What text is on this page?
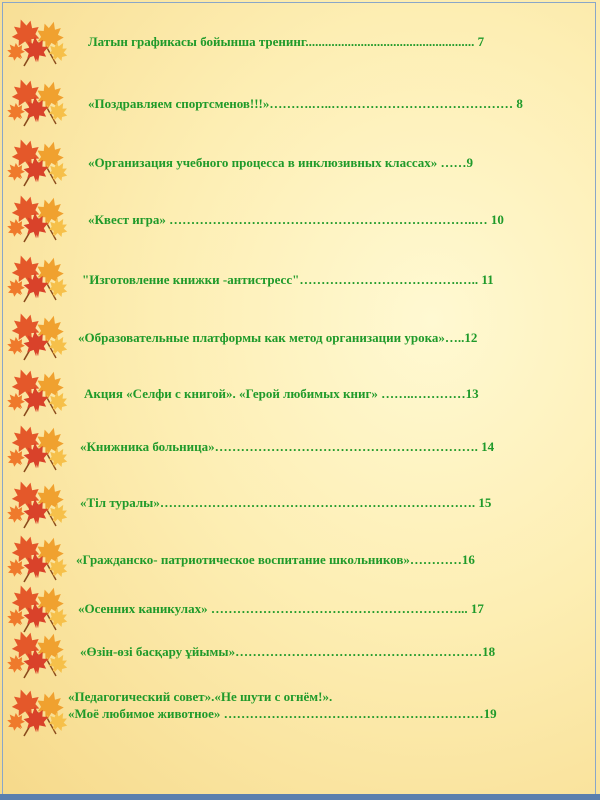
Латын графикасы бойынша тренинг.................................................... 7
«Поздравляем спортсменов!!!»……….…..…………………………………… 8
«Организация учебного процесса в инклюзивных классах» ……9
«Квест игра» ……………………………………………………………..… 10
"Изготовление книжки -антистресс"……………………………….….. 11
«Образовательные платформы как метод организации урока»…..12
Акция «Селфи с книгой». «Герой любимых книг» ……..…………13
«Книжника больница»……………………………………………………. 14
«Тіл туралы»………………………………………………………………. 15
«Гражданско- патриотическое воспитание школьников»…………16
«Осенних каникулах» …………………………………………………... 17
«Өзін-өзі басқару ұйымы»…………………………………………………18
«Педагогический совет».«Не шути с огнём!».
«Моё любимое животное» ……………………………………………………19
